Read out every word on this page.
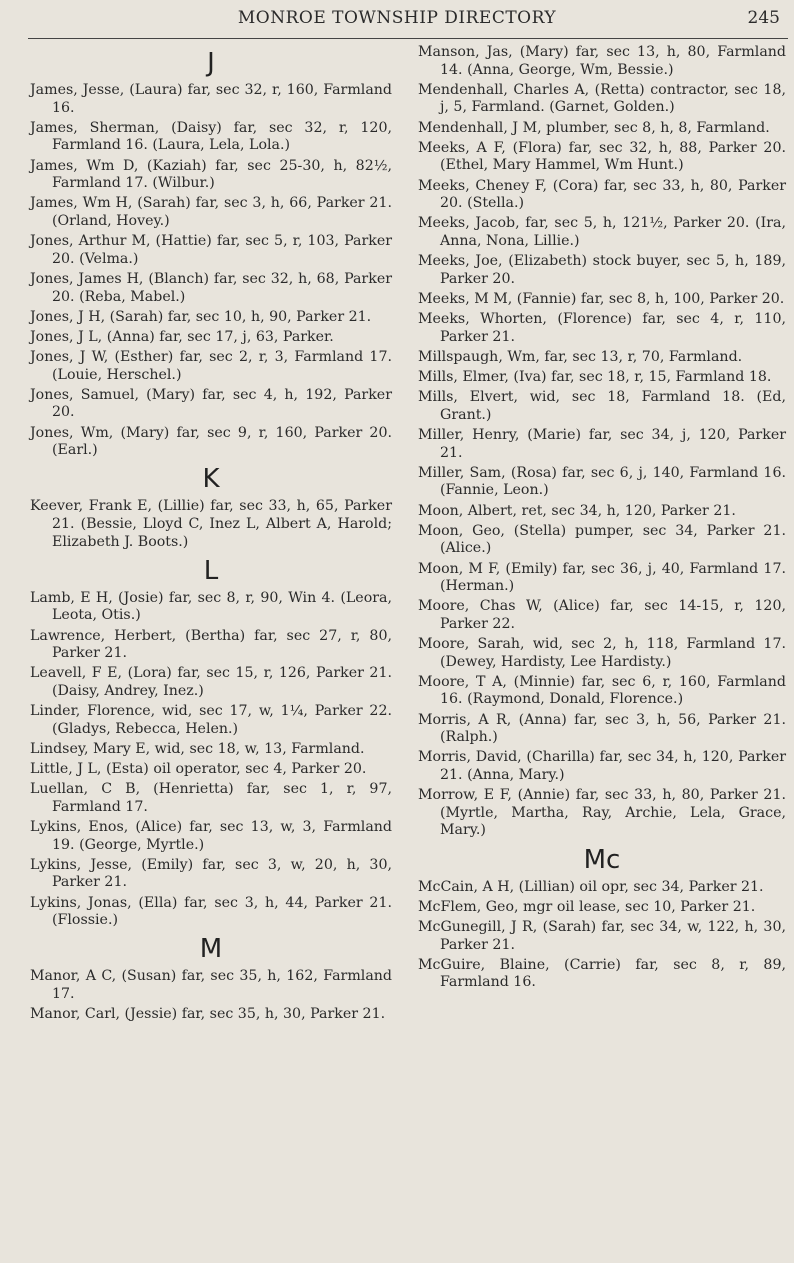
MONROE TOWNSHIP DIRECTORY	245
J
James, Jesse, (Laura) far, sec 32, r, 160, Farmland 16.
James, Sherman, (Daisy) far, sec 32, r, 120, Farmland 16. (Laura, Lela, Lola.)
James, Wm D, (Kaziah) far, sec 25-30, h, 82½, Farmland 17. (Wilbur.)
James, Wm H, (Sarah) far, sec 3, h, 66, Parker 21. (Orland, Hovey.)
Jones, Arthur M, (Hattie) far, sec 5, r, 103, Parker 20. (Velma.)
Jones, James H, (Blanch) far, sec 32, h, 68, Parker 20. (Reba, Mabel.)
Jones, J H, (Sarah) far, sec 10, h, 90, Parker 21.
Jones, J L, (Anna) far, sec 17, j, 63, Parker.
Jones, J W, (Esther) far, sec 2, r, 3, Farmland 17. (Louie, Herschel.)
Jones, Samuel, (Mary) far, sec 4, h, 192, Parker 20.
Jones, Wm, (Mary) far, sec 9, r, 160, Parker 20. (Earl.)
K
Keever, Frank E, (Lillie) far, sec 33, h, 65, Parker 21. (Bessie, Lloyd C, Inez L, Albert A, Harold; Elizabeth J. Boots.)
L
Lamb, E H, (Josie) far, sec 8, r, 90, Win 4. (Leora, Leota, Otis.)
Lawrence, Herbert, (Bertha) far, sec 27, r, 80, Parker 21.
Leavell, F E, (Lora) far, sec 15, r, 126, Parker 21. (Daisy, Andrey, Inez.)
Linder, Florence, wid, sec 17, w, 1¼, Parker 22. (Gladys, Rebecca, Helen.)
Lindsey, Mary E, wid, sec 18, w, 13, Farmland.
Little, J L, (Esta) oil operator, sec 4, Parker 20.
Luellan, C B, (Henrietta) far, sec 1, r, 97, Farmland 17.
Lykins, Enos, (Alice) far, sec 13, w, 3, Farmland 19. (George, Myrtle.)
Lykins, Jesse, (Emily) far, sec 3, w, 20, h, 30, Parker 21.
Lykins, Jonas, (Ella) far, sec 3, h, 44, Parker 21. (Flossie.)
M
Manor, A C, (Susan) far, sec 35, h, 162, Farmland 17.
Manor, Carl, (Jessie) far, sec 35, h, 30, Parker 21.
Manson, Jas, (Mary) far, sec 13, h, 80, Farmland 14. (Anna, George, Wm, Bessie.)
Mendenhall, Charles A, (Retta) contractor, sec 18, j, 5, Farmland. (Garnet, Golden.)
Mendenhall, J M, plumber, sec 8, h, 8, Farmland.
Meeks, A F, (Flora) far, sec 32, h, 88, Parker 20. (Ethel, Mary Hammel, Wm Hunt.)
Meeks, Cheney F, (Cora) far, sec 33, h, 80, Parker 20. (Stella.)
Meeks, Jacob, far, sec 5, h, 121½, Parker 20. (Ira, Anna, Nona, Lillie.)
Meeks, Joe, (Elizabeth) stock buyer, sec 5, h, 189, Parker 20.
Meeks, M M, (Fannie) far, sec 8, h, 100, Parker 20.
Meeks, Whorten, (Florence) far, sec 4, r, 110, Parker 21.
Millspaugh, Wm, far, sec 13, r, 70, Farmland.
Mills, Elmer, (Iva) far, sec 18, r, 15, Farmland 18.
Mills, Elvert, wid, sec 18, Farmland 18. (Ed, Grant.)
Miller, Henry, (Marie) far, sec 34, j, 120, Parker 21.
Miller, Sam, (Rosa) far, sec 6, j, 140, Farmland 16. (Fannie, Leon.)
Moon, Albert, ret, sec 34, h, 120, Parker 21.
Moon, Geo, (Stella) pumper, sec 34, Parker 21. (Alice.)
Moon, M F, (Emily) far, sec 36, j, 40, Farmland 17. (Herman.)
Moore, Chas W, (Alice) far, sec 14-15, r, 120, Parker 22.
Moore, Sarah, wid, sec 2, h, 118, Farmland 17. (Dewey, Hardisty, Lee Hardisty.)
Moore, T A, (Minnie) far, sec 6, r, 160, Farmland 16. (Raymond, Donald, Florence.)
Morris, A R, (Anna) far, sec 3, h, 56, Parker 21. (Ralph.)
Morris, David, (Charilla) far, sec 34, h, 120, Parker 21. (Anna, Mary.)
Morrow, E F, (Annie) far, sec 33, h, 80, Parker 21. (Myrtle, Martha, Ray, Archie, Lela, Grace, Mary.)
Mc
McCain, A H, (Lillian) oil opr, sec 34, Parker 21.
McFlem, Geo, mgr oil lease, sec 10, Parker 21.
McGunegill, J R, (Sarah) far, sec 34, w, 122, h, 30, Parker 21.
McGuire, Blaine, (Carrie) far, sec 8, r, 89, Farmland 16.
